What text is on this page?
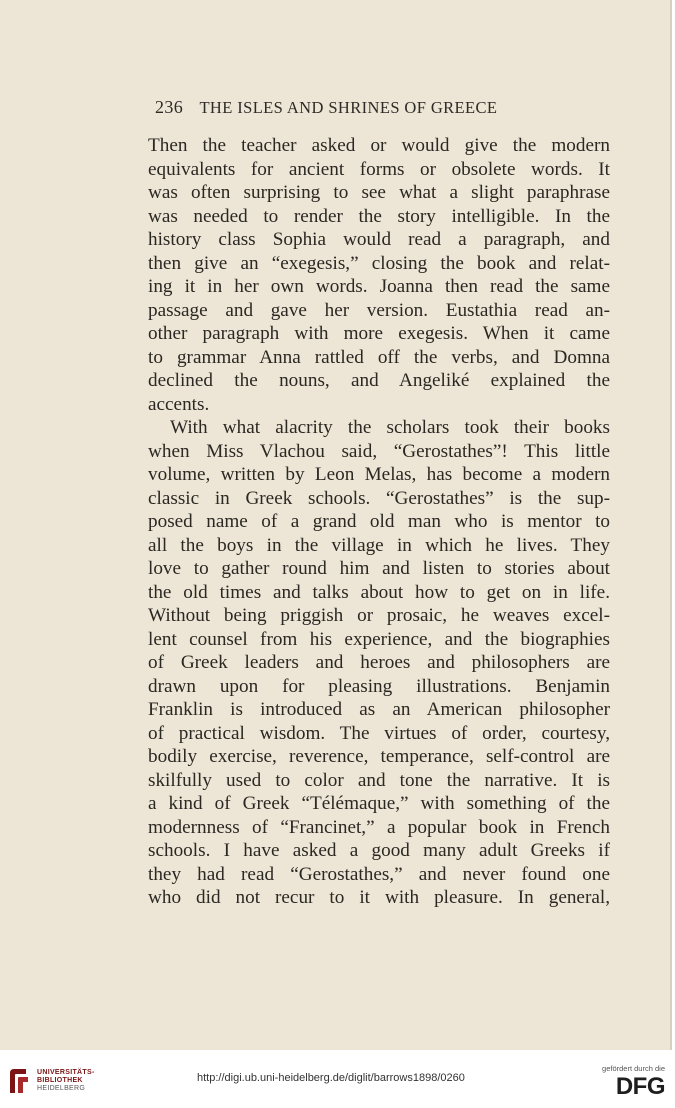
236 THE ISLES AND SHRINES OF GREECE
Then the teacher asked or would give the modern
equivalents for ancient forms or obsolete words. It
was often surprising to see what a slight paraphrase
was needed to render the story intelligible. In the
history class Sophia would read a paragraph, and
then give an “exegesis,” closing the book and relat-
ing it in her own words. Joanna then read the same
passage and gave her version. Eustathia read an-
other paragraph with more exegesis. When it came
to grammar Anna rattled off the verbs, and Domna
declined the nouns, and Angeliké explained the
accents.
With what alacrity the scholars took their books
when Miss Vlachou said, “Gerostathes”! This little
volume, written by Leon Melas, has become a modern
classic in Greek schools. “Gerostathes” is the sup-
posed name of a grand old man who is mentor to
all the boys in the village in which he lives. They
love to gather round him and listen to stories about
the old times and talks about how to get on in life.
Without being priggish or prosaic, he weaves excel-
lent counsel from his experience, and the biographies
of Greek leaders and heroes and philosophers are
drawn upon for pleasing illustrations. Benjamin
Franklin is introduced as an American philosopher
of practical wisdom. The virtues of order, courtesy,
bodily exercise, reverence, temperance, self-control are
skilfully used to color and tone the narrative. It is
a kind of Greek “Télémaque,” with something of the
modernness of “Francinet,” a popular book in French
schools. I have asked a good many adult Greeks if
they had read “Gerostathes,” and never found one
who did not recur to it with pleasure. In general,
UNIVERSITÄTS-
BIBLIOTHEK
HEIDELBERG
http://digi.ub.uni-heidelberg.de/diglit/barrows1898/0260
gefördert durch die
DFG
